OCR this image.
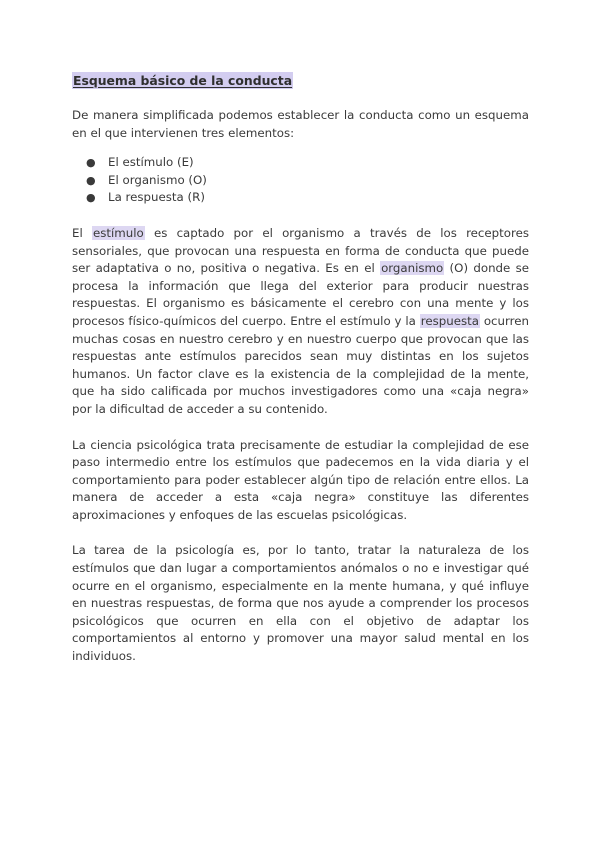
Esquema básico de la conducta

De manera simplificada podemos establecer la conducta como un esquema en el que intervienen tres elementos:

● El estímulo (E)
● El organismo (O)
● La respuesta (R)

El estímulo es captado por el organismo a través de los receptores sensoriales, que provocan una respuesta en forma de conducta que puede ser adaptativa o no, positiva o negativa. Es en el organismo (O) donde se procesa la información que llega del exterior para producir nuestras respuestas. El organismo es básicamente el cerebro con una mente y los procesos físico-químicos del cuerpo. Entre el estímulo y la respuesta ocurren muchas cosas en nuestro cerebro y en nuestro cuerpo que provocan que las respuestas ante estímulos parecidos sean muy distintas en los sujetos humanos. Un factor clave es la existencia de la complejidad de la mente, que ha sido calificada por muchos investigadores como una «caja negra» por la dificultad de acceder a su contenido.

La ciencia psicológica trata precisamente de estudiar la complejidad de ese paso intermedio entre los estímulos que padecemos en la vida diaria y el comportamiento para poder establecer algún tipo de relación entre ellos. La manera de acceder a esta «caja negra» constituye las diferentes aproximaciones y enfoques de las escuelas psicológicas.

La tarea de la psicología es, por lo tanto, tratar la naturaleza de los estímulos que dan lugar a comportamientos anómalos o no e investigar qué ocurre en el organismo, especialmente en la mente humana, y qué influye en nuestras respuestas, de forma que nos ayude a comprender los procesos psicológicos que ocurren en ella con el objetivo de adaptar los comportamientos al entorno y promover una mayor salud mental en los individuos.
